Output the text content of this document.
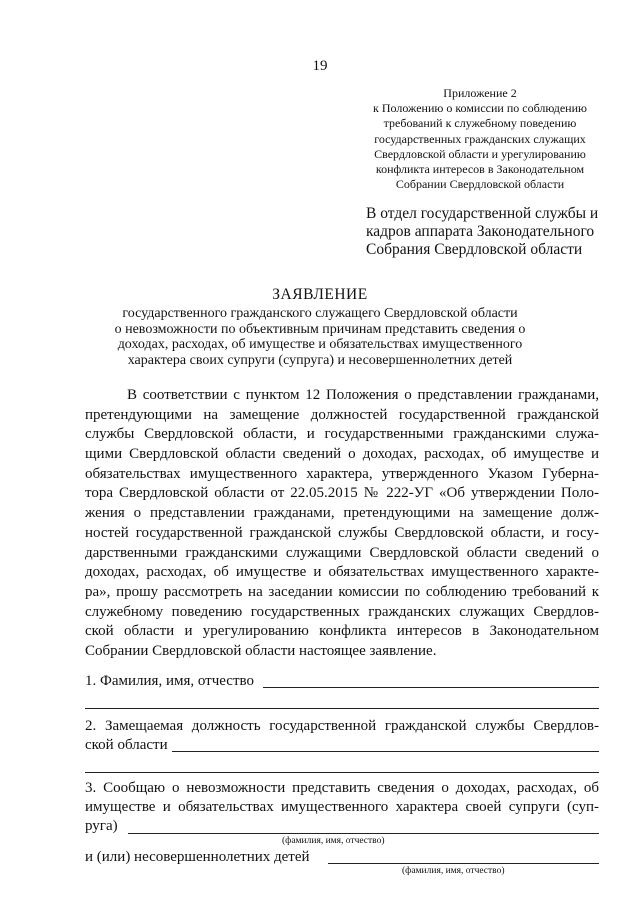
19
Приложение 2
к Положению о комиссии по соблюдению
требований к служебному поведению
государственных гражданских служащих
Свердловской области и урегулированию
конфликта интересов в Законодательном
Собрании Свердловской области
В отдел государственной службы и
кадров аппарата Законодательного
Собрания Свердловской области
ЗАЯВЛЕНИЕ
государственного гражданского служащего Свердловской области
о невозможности по объективным причинам представить сведения о
доходах, расходах, об имуществе и обязательствах имущественного
характера своих супруги (супруга) и несовершеннолетних детей
В соответствии с пунктом 12 Положения о представлении гражданами,
претендующими на замещение должностей государственной гражданской
службы Свердловской области, и государственными гражданскими служа-
щими Свердловской области сведений о доходах, расходах, об имуществе и
обязательствах имущественного характера, утвержденного Указом Губерна-
тора Свердловской области от 22.05.2015 № 222-УГ «Об утверждении Поло-
жения о представлении гражданами, претендующими на замещение долж-
ностей государственной гражданской службы Свердловской области, и госу-
дарственными гражданскими служащими Свердловской области сведений о
доходах, расходах, об имуществе и обязательствах имущественного характе-
ра», прошу рассмотреть на заседании комиссии по соблюдению требований к
служебному поведению государственных гражданских служащих Свердлов-
ской области и урегулированию конфликта интересов в Законодательном
Собрании Свердловской области настоящее заявление.
1. Фамилия, имя, отчество
2. Замещаемая должность государственной гражданской службы Свердлов-
ской области
3. Сообщаю о невозможности представить сведения о доходах, расходах, об
имуществе и обязательствах имущественного характера своей супруги (суп-
руга)
(фамилия, имя, отчество)
и (или) несовершеннолетних детей
(фамилия, имя, отчество)
